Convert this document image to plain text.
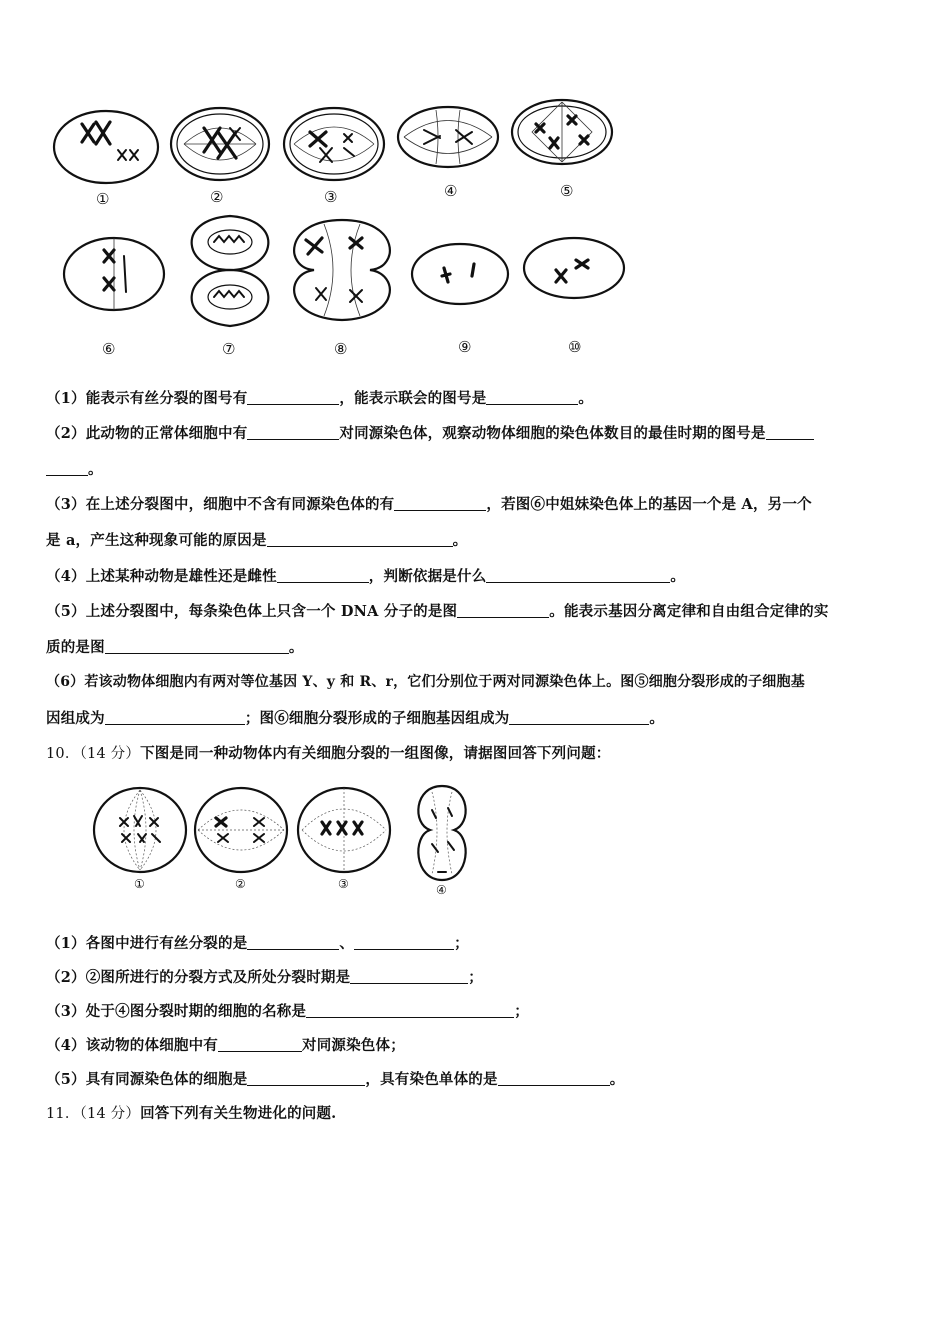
①	②	③	④	⑤
⑥	⑦	⑧	⑨	⑩
（1）能表示有丝分裂的图号有	，能表示联会的图号是	。
（2）此动物的正常体细胞中有	对同源染色体，观察动物体细胞的染色体数目的最佳时期的图号是
。
（3）在上述分裂图中，细胞中不含有同源染色体的有	，若图⑥中姐妹染色体上的基因一个是 A，另一个
是 a，产生这种现象可能的原因是	。
（4）上述某种动物是雄性还是雌性	，判断依据是什么	。
（5）上述分裂图中，每条染色体上只含一个 DNA 分子的是图	。能表示基因分离定律和自由组合定律的实
质的是图	。
（6）若该动物体细胞内有两对等位基因 Y、y 和 R、r，它们分别位于两对同源染色体上。图⑤细胞分裂形成的子细胞基
因组成为	；图⑥细胞分裂形成的子细胞基因组成为	。
10．（14 分）下图是同一种动物体内有关细胞分裂的一组图像，请据图回答下列问题：
①	②	③	④
（1）各图中进行有丝分裂的是	、	；
（2）②图所进行的分裂方式及所处分裂时期是	；
（3）处于④图分裂时期的细胞的名称是	；
（4）该动物的体细胞中有	对同源染色体；
（5）具有同源染色体的细胞是	，具有染色单体的是	。
11．（14 分）回答下列有关生物进化的问题.
